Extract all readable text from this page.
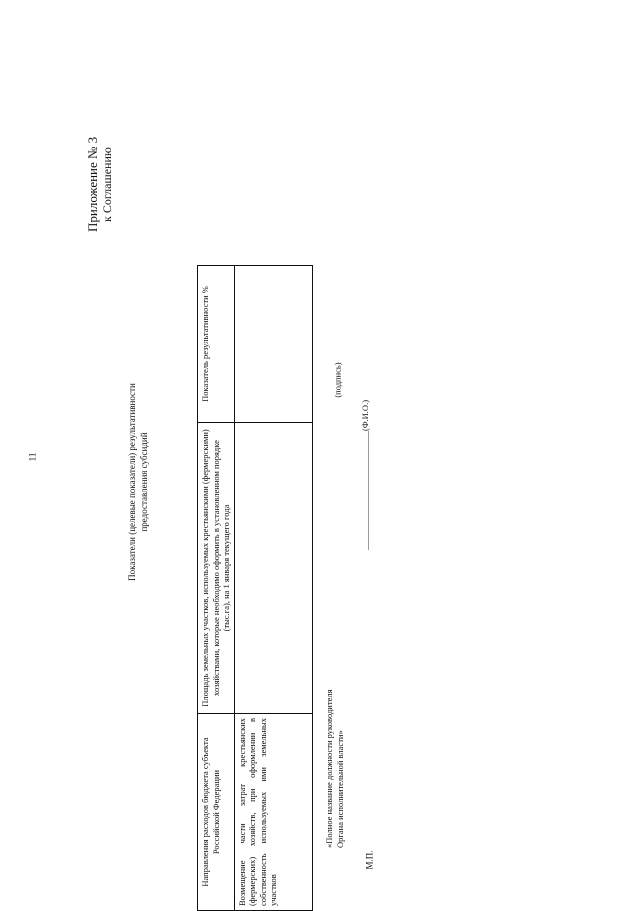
11
Приложение № 3 к Соглашению
Показатели (целевые показатели) результативности предоставления субсидий
Направления расходов бюджета субъекта Российской Федерации	Площадь земельных участков, используемых крестьянскими (фермерскими) хозяйствами, которые необходимо оформить в установленном порядке (тыс.га), на 1 января текущего года	Показатель результативности %
Возмещение части затрат крестьянских (фермерских) хозяйств, при оформлении в собственность используемых ими земельных участков		
____________________________(Ф.И.О.)
(подпись)
«Полное название должности руководителя Органа исполнительной власти»
М.П.
